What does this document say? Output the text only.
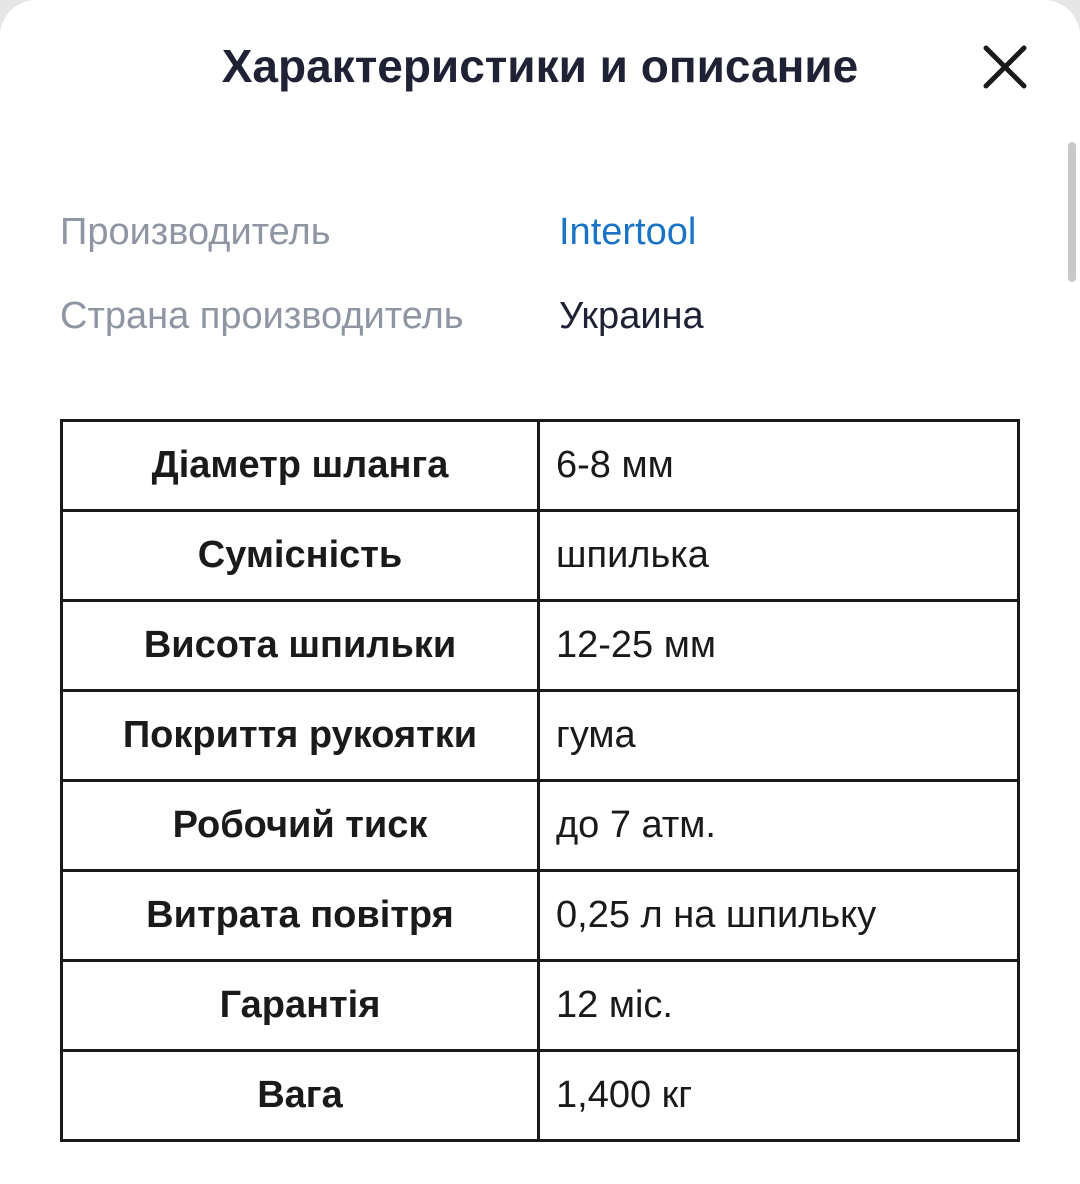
Характеристики и описание
Производитель	Intertool
Страна производитель	Украина
Діаметр шланга	6-8 мм
Сумісність	шпилька
Висота шпильки	12-25 мм
Покриття рукоятки	гума
Робочий тиск	до 7 атм.
Витрата повітря	0,25 л на шпильку
Гарантія	12 міс.
Вага	1,400 кг
